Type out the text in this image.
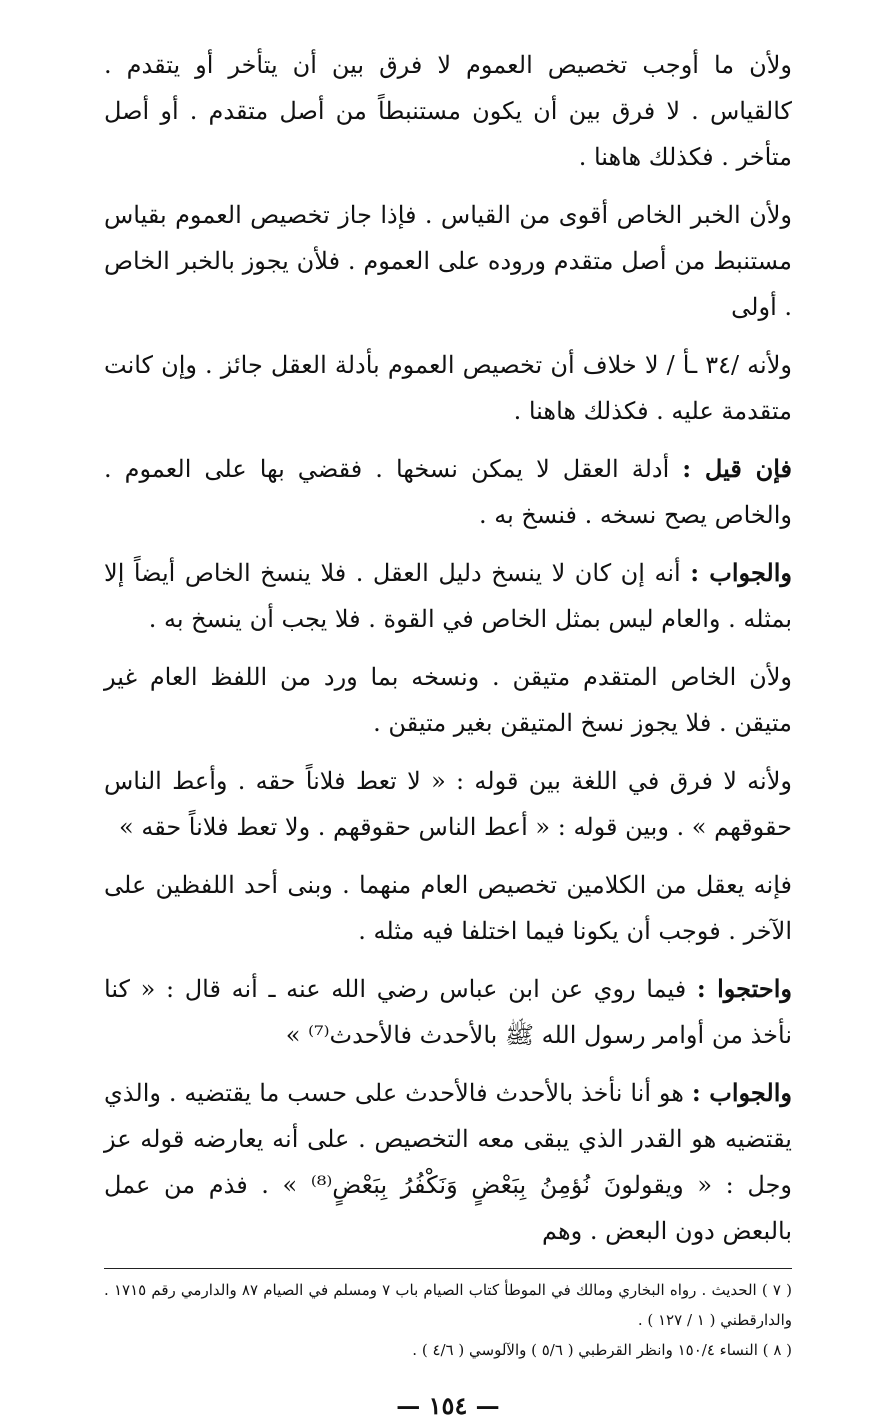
ولأن ما أوجب تخصيص العموم لا فرق بين أن يتأخر أو يتقدم . كالقياس . لا فرق بين أن يكون مستنبطاً من أصل متقدم . أو أصل متأخر . فكذلك هاهنا .

ولأن الخبر الخاص أقوى من القياس . فإذا جاز تخصيص العموم بقياس مستنبط من أصل متقدم وروده على العموم . فلأن يجوز بالخبر الخاص . أولى

ولأنه /٣٤ ـأ / لا خلاف أن تخصيص العموم بأدلة العقل جائز . وإن كانت متقدمة عليه . فكذلك هاهنا .

فإن قيل : أدلة العقل لا يمكن نسخها . فقضي بها على العموم . والخاص يصح نسخه . فنسخ به .

والجواب : أنه إن كان لا ينسخ دليل العقل . فلا ينسخ الخاص أيضاً إلا بمثله . والعام ليس بمثل الخاص في القوة . فلا يجب أن ينسخ به .

ولأن الخاص المتقدم متيقن . ونسخه بما ورد من اللفظ العام غير متيقن . فلا يجوز نسخ المتيقن بغير متيقن .

ولأنه لا فرق في اللغة بين قوله : « لا تعط فلاناً حقه . وأعط الناس حقوقهم » . وبين قوله : « أعط الناس حقوقهم . ولا تعط فلاناً حقه »

فإنه يعقل من الكلامين تخصيص العام منهما . وبنى أحد اللفظين على الآخر . فوجب أن يكونا فيما اختلفا فيه مثله .

واحتجوا : فيما روي عن ابن عباس رضي الله عنه ـ أنه قال : « كنا نأخذ من أوامر رسول الله ﷺ بالأحدث فالأحدث⁽⁷⁾ »

والجواب : هو أنا نأخذ بالأحدث فالأحدث على حسب ما يقتضيه . والذي يقتضيه هو القدر الذي يبقى معه التخصيص . على أنه يعارضه قوله عز وجل : « ويقولونَ نُؤمِنُ بِبَعْضٍ وَنَكْفُرُ بِبَعْضٍ⁽⁸⁾ » . فذم من عمل بالبعض دون البعض . وهم

( ٧ ) الحديث . رواه البخاري ومالك في الموطأ كتاب الصيام باب ٧ ومسلم في الصيام ٨٧ والدارمي رقم ١٧١٥ . والدارقطني ( ١ / ١٢٧ ) .

( ٨ ) النساء ١٥٠/٤ وانظر القرطبي ( ٥/٦ ) والآلوسي ( ٤/٦ ) .

— ١٥٤ —
